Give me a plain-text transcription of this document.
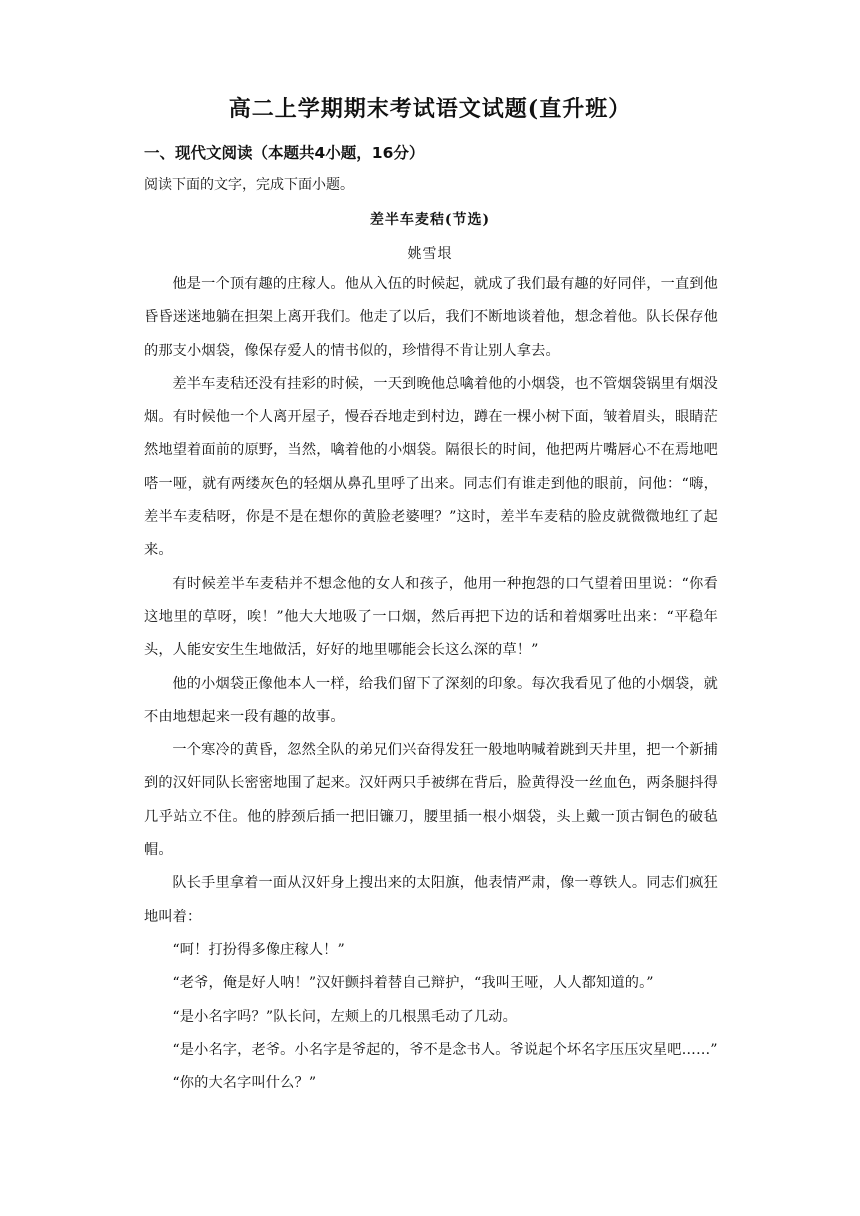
高二上学期期末考试语文试题(直升班）
一、现代文阅读（本题共4小题，16分）
阅读下面的文字，完成下面小题。
差半车麦秸(节选)
姚雪垠

他是一个顶有趣的庄稼人。他从入伍的时候起，就成了我们最有趣的好同伴，一直到他昏昏迷迷地躺在担架上离开我们。他走了以后，我们不断地谈着他，想念着他。队长保存他的那支小烟袋，像保存爱人的情书似的，珍惜得不肯让别人拿去。

差半车麦秸还没有挂彩的时候，一天到晚他总噙着他的小烟袋，也不管烟袋锅里有烟没烟。有时候他一个人离开屋子，慢吞吞地走到村边，蹲在一棵小树下面，皱着眉头，眼睛茫然地望着面前的原野，当然，噙着他的小烟袋。隔很长的时间，他把两片嘴唇心不在焉地吧嗒一哑，就有两缕灰色的轻烟从鼻孔里呼了出来。同志们有谁走到他的眼前，问他：“嗨，差半车麦秸呀，你是不是在想你的黄脸老婆哩？”这时，差半车麦秸的脸皮就微微地红了起来。

有时候差半车麦秸并不想念他的女人和孩子，他用一种抱怨的口气望着田里说：“你看这地里的草呀，唉！”他大大地吸了一口烟，然后再把下边的话和着烟雾吐出来：“平稳年头，人能安安生生地做活，好好的地里哪能会长这么深的草！”

他的小烟袋正像他本人一样，给我们留下了深刻的印象。每次我看见了他的小烟袋，就不由地想起来一段有趣的故事。

一个寒冷的黄昏，忽然全队的弟兄们兴奋得发狂一般地呐喊着跳到天井里，把一个新捕到的汉奸同队长密密地围了起来。汉奸两只手被绑在背后，脸黄得没一丝血色，两条腿抖得几乎站立不住。他的脖颈后插一把旧镰刀，腰里插一根小烟袋，头上戴一顶古铜色的破毡帽。

队长手里拿着一面从汉奸身上搜出来的太阳旗，他表情严肃，像一尊铁人。同志们疯狂地叫着：

“呵！打扮得多像庄稼人！”

“老爷，俺是好人呐！”汉奸颤抖着替自己辩护，“我叫王哑，人人都知道的。”

“是小名字吗？”队长问，左颊上的几根黑毛动了几动。

“是小名字，老爷。小名字是爷起的，爷不是念书人。爷说起个坏名字压压灾星吧……”

“你的大名字叫什么？”
